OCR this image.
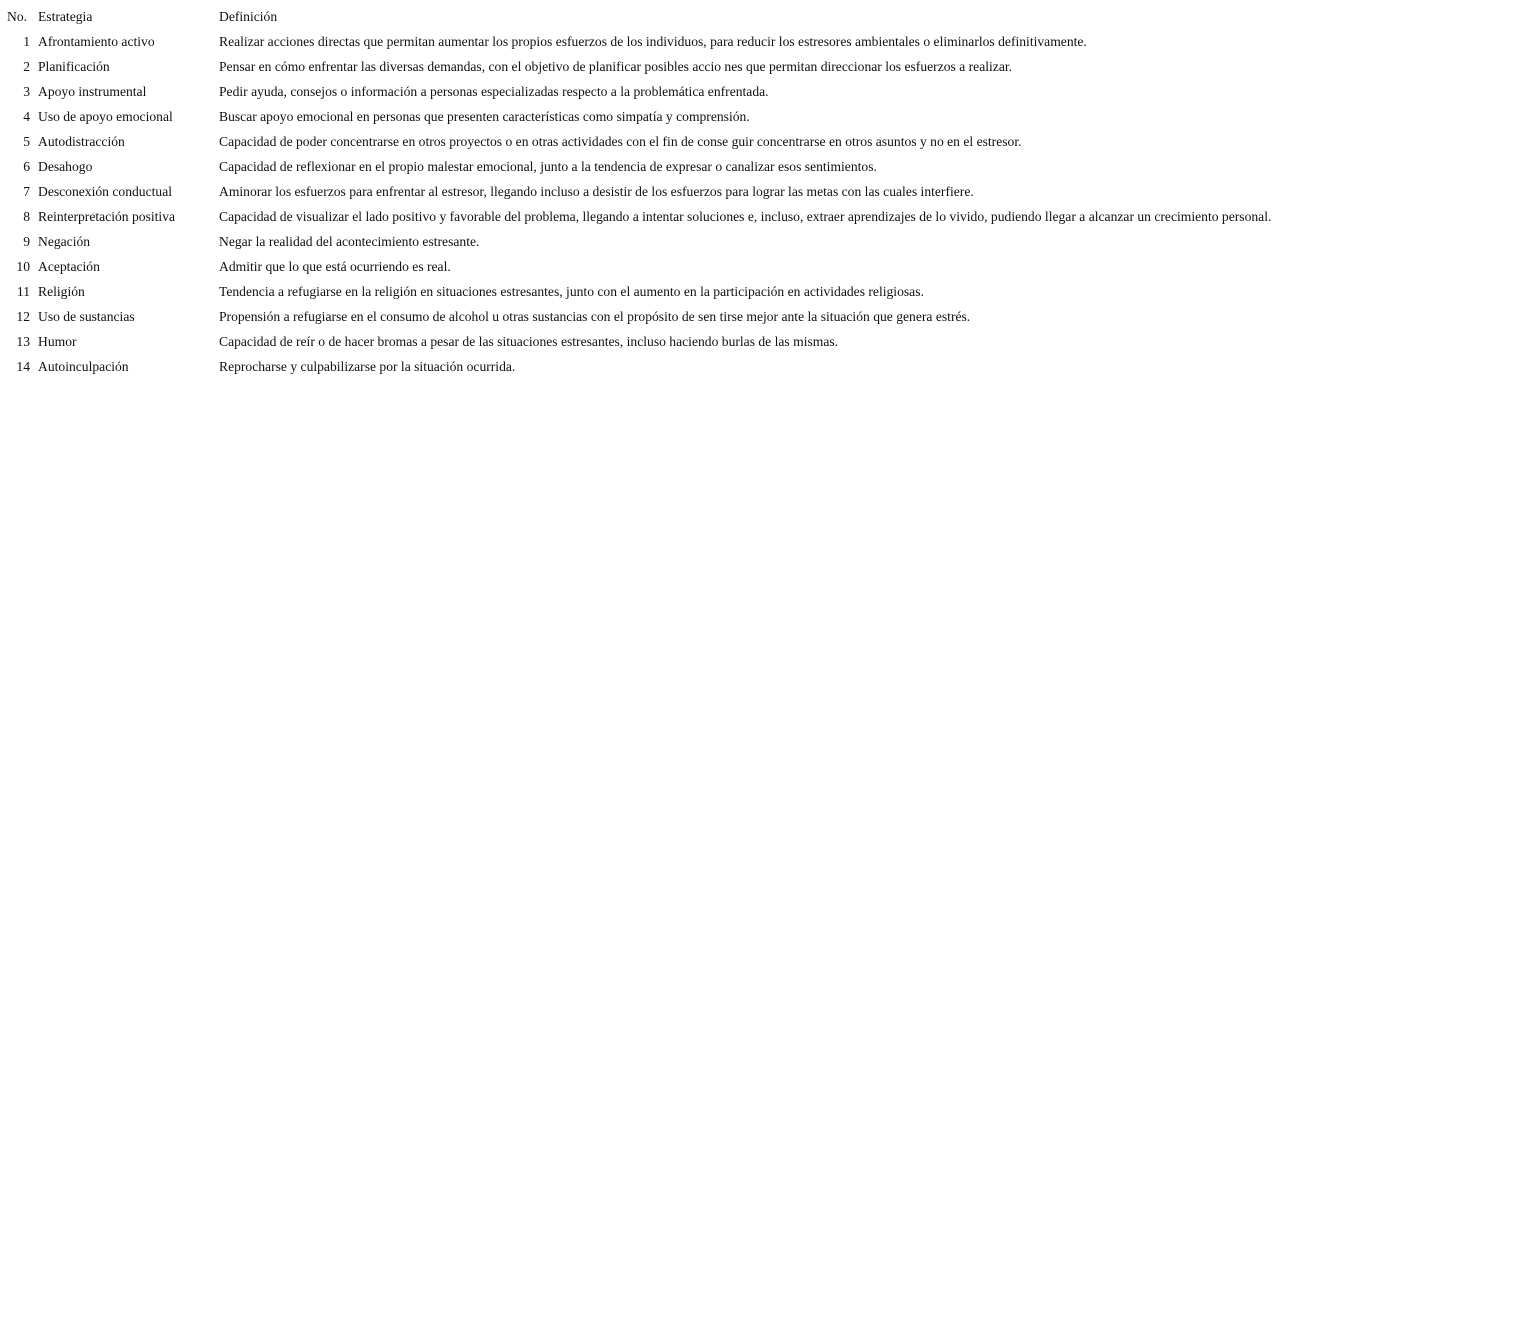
No.	Estrategia	Definición
1	Afrontamiento activo	Realizar acciones directas que permitan aumentar los propios esfuerzos de los individuos, para reducir los estresores ambientales o eliminarlos definitivamente.
2	Planificación	Pensar en cómo enfrentar las diversas demandas, con el objetivo de planificar posibles accio nes que permitan direccionar los esfuerzos a realizar.
3	Apoyo instrumental	Pedir ayuda, consejos o información a personas especializadas respecto a la problemática enfrentada.
4	Uso de apoyo emocional	Buscar apoyo emocional en personas que presenten características como simpatía y comprensión.
5	Autodistracción	Capacidad de poder concentrarse en otros proyectos o en otras actividades con el fin de conse guir concentrarse en otros asuntos y no en el estresor.
6	Desahogo	Capacidad de reflexionar en el propio malestar emocional, junto a la tendencia de expresar o canalizar esos sentimientos.
7	Desconexión conductual	Aminorar los esfuerzos para enfrentar al estresor, llegando incluso a desistir de los esfuerzos para lograr las metas con las cuales interfiere.
8	Reinterpretación positiva	Capacidad de visualizar el lado positivo y favorable del problema, llegando a intentar soluciones e, incluso, extraer aprendizajes de lo vivido, pudiendo llegar a alcanzar un crecimiento personal.
9	Negación	Negar la realidad del acontecimiento estresante.
10	Aceptación	Admitir que lo que está ocurriendo es real.
11	Religión	Tendencia a refugiarse en la religión en situaciones estresantes, junto con el aumento en la participación en actividades religiosas.
12	Uso de sustancias	Propensión a refugiarse en el consumo de alcohol u otras sustancias con el propósito de sen tirse mejor ante la situación que genera estrés.
13	Humor	Capacidad de reír o de hacer bromas a pesar de las situaciones estresantes, incluso haciendo burlas de las mismas.
14	Autoinculpación	Reprocharse y culpabilizarse por la situación ocurrida.
